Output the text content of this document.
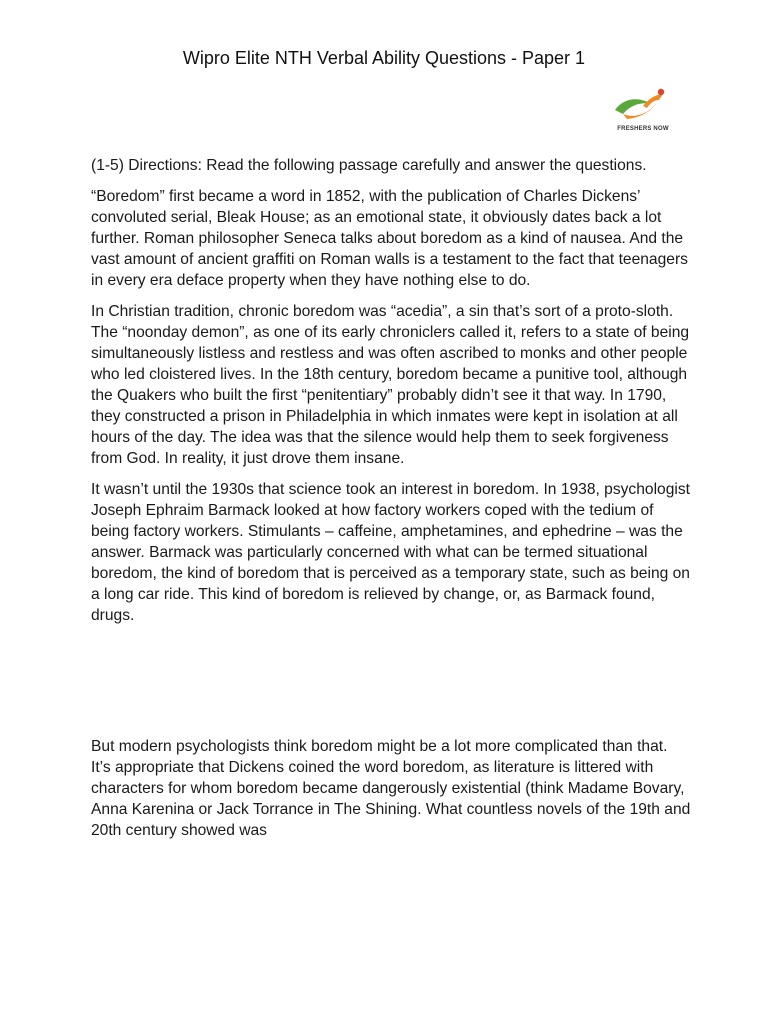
Wipro Elite NTH Verbal Ability Questions - Paper 1
FRESHERS NOW

(1-5) Directions: Read the following passage carefully and answer the questions.

“Boredom” first became a word in 1852, with the publication of Charles Dickens’ convoluted serial, Bleak House; as an emotional state, it obviously dates back a lot further. Roman philosopher Seneca talks about boredom as a kind of nausea. And the vast amount of ancient graffiti on Roman walls is a testament to the fact that teenagers in every era deface property when they have nothing else to do.

In Christian tradition, chronic boredom was “acedia”, a sin that’s sort of a proto-sloth. The “noonday demon”, as one of its early chroniclers called it, refers to a state of being simultaneously listless and restless and was often ascribed to monks and other people who led cloistered lives. In the 18th century, boredom became a punitive tool, although the Quakers who built the first “penitentiary” probably didn’t see it that way. In 1790, they constructed a prison in Philadelphia in which inmates were kept in isolation at all hours of the day. The idea was that the silence would help them to seek forgiveness from God. In reality, it just drove them insane.

It wasn’t until the 1930s that science took an interest in boredom. In 1938, psychologist Joseph Ephraim Barmack looked at how factory workers coped with the tedium of being factory workers. Stimulants – caffeine, amphetamines, and ephedrine – was the answer. Barmack was particularly concerned with what can be termed situational boredom, the kind of boredom that is perceived as a temporary state, such as being on a long car ride. This kind of boredom is relieved by change, or, as Barmack found, drugs.

But modern psychologists think boredom might be a lot more complicated than that. It’s appropriate that Dickens coined the word boredom, as literature is littered with characters for whom boredom became dangerously existential (think Madame Bovary, Anna Karenina or Jack Torrance in The Shining. What countless novels of the 19th and 20th century showed was
